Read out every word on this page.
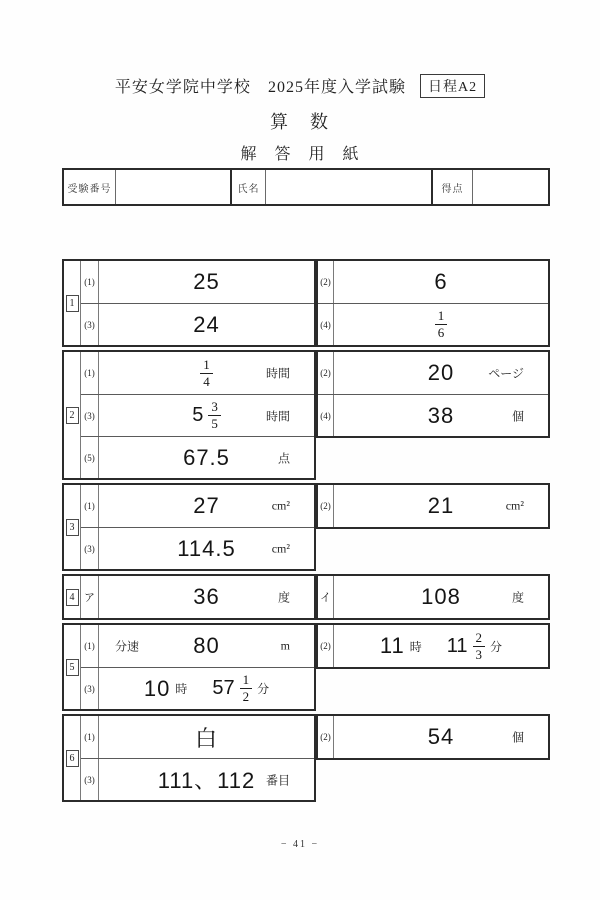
平安女学院中学校　 2025年度入学試験 日程A2
算　数
解　答　用　紙
受験番号	氏名	得点
1
(1)	25
(3)	24
(2)	6
(4)	$\frac{1}{6}$
2
(1)	$\frac{1}{4}$	時間
(3)	$5 \frac{3}{5}$	時間
(5)	67.5	点
(2)	20	ページ
(4)	38	個
3
(1)	27	cm²
(3)	114.5	cm²
(2)	21	cm²
4 ア	36	度	イ	108	度
5
(1)	分速 80	m
(3) 10 時 $57 \frac{1}{2}$ 分
(2) 11 時 $11 \frac{2}{3}$ 分
6
(1)	白
(3)	111、112 番目
(2)	54	個
− 41 −
